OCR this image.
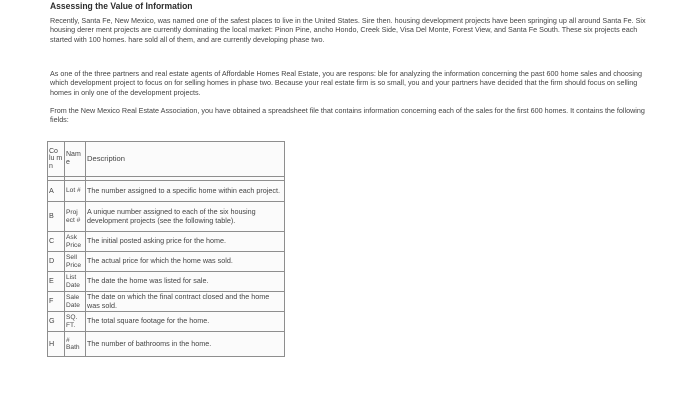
Assessing the Value of Information

Recently, Santa Fe, New Mexico, was named one of the safest places to live in the United States. Sire then. housing development projects have been springing up all around Santa Fe. Six housing derer ment projects are currently dominating the local market: Pinon Pine, ancho Hondo, Creek Side, Visa Del Monte, Forest View, and Santa Fe South. These six projects each started with 100 homes. hare sold all of them, and are currently developing phase two.

As one of the three partners and real estate agents of Affordable Homes Real Estate, you are respons: ble for analyzing the information concerning the past 600 home sales and choosing which development project to focus on for selling homes in phase two. Because your real estate firm is so small, you and your partners have decided that the firm should focus on selling homes in only one of the development projects.

From the New Mexico Real Estate Association, you have obtained a spreadsheet file that contains information concerning each of the sales for the first 600 homes. It contains the following fields:

Co lu m n	Nam e	Description

A	Lot #	The number assigned to a specific home within each project.
B	Proj ect #	A unique number assigned to each of the six housing development projects (see the following table).
C	Ask Price	The initial posted asking price for the home.
D	Sell Price	The actual price for which the home was sold.
E	List Date	The date the home was listed for sale.
F	Sale Date	The date on which the final contract closed and the home was sold.
G	SQ. FT.	The total square footage for the home.
H	# Bath	The number of bathrooms in the home.
